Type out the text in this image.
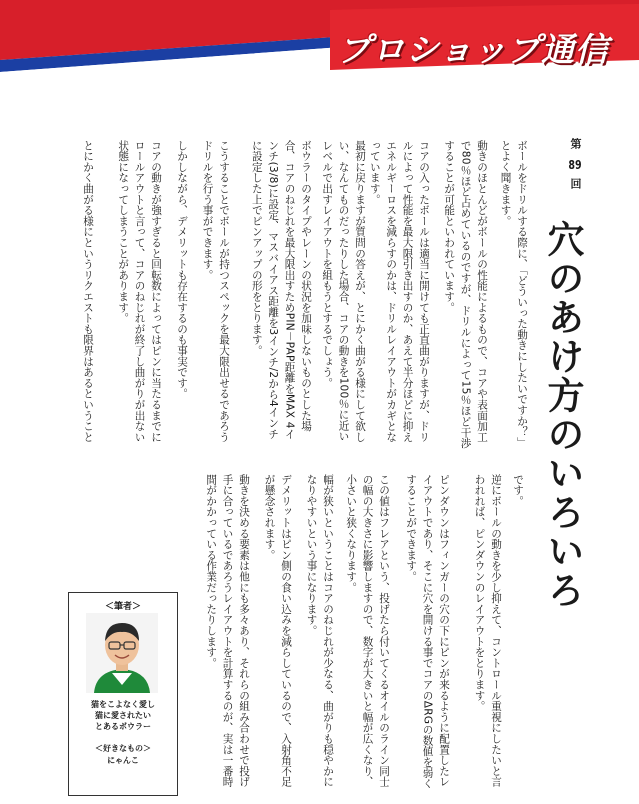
プロショップ通信
第 89 回
穴のあけ方のいろいろ
ボールをドリルする際に、「どういった動きにしたいですか？」とよく聞きます。
動きのほとんどがボールの性能によるもので、コアや表面加工で80％ほど占めているのですが、ドリルによって15％ほど干渉することが可能といわれています。
コアの入ったボールは適当に開けても正直曲がりますが、ドリルによって性能を最大限引き出すのか、あえて半分ほどに抑えエネルギーロスを減らすのかは、ドリルレイアウトがカギとなっています。
最初に戻りますが質問の答えが、とにかく曲がる様にして欲しい、なんてものだったりした場合、コアの動きを100％に近いレベルで出すレイアウトを組もうとするでしょう。
ボウラーのタイプやレーンの状況を加味しないものとした場合、コアのねじれを最大限出すためPIN－PAP距離をMAX 4インチ(3/8)に設定、マスバイアス距離を3インチ/2から4インチに設定した上でピンアップの形をとります。
こうすることでボールが持つスペックを最大限出せるであろうドリルを行う事ができます。
しかしながら、デメリットも存在するのも事実です。
コアの動きが強すぎると回転数によってはピンに当たるまでにロールアウトと言って、コアのねじれが終了し曲がりが出ない状態になってしまうことがあります。
とにかく曲がる様にというリクエストも限界はあるということ
です。
逆にボールの動きを少し抑えて、コントロール重視にしたいと言われれば、ピンダウンのレイアウトをとります。
ピンダウンはフィンガーの穴の下にピンが来るように配置したレイアウトであり、そこに穴を開ける事でコアのΔRGの数値を弱くすることができます。
この値はフレアという、投げたら付いてくるオイルのライン同士の幅の大きさに影響しますので、数字が大きいと幅が広くなり、小さいと狭くなります。
幅が狭いということはコアのねじれが少なる、曲がりも穏やかになりやすいという事になります。
デメリットはピン側の食い込みを減らしているので、入射角不足が懸念されます。
動きを決める要素は他にも多々あり、それらの組み合わせで投げ手に合っているであろうレイアウトを計算するのが、実は一番時間がかかっている作業だったりします。
＜筆者＞
猫をこよなく愛し
猫に愛されたい
とあるボウラー
＜好きなもの＞
にゃんこ
